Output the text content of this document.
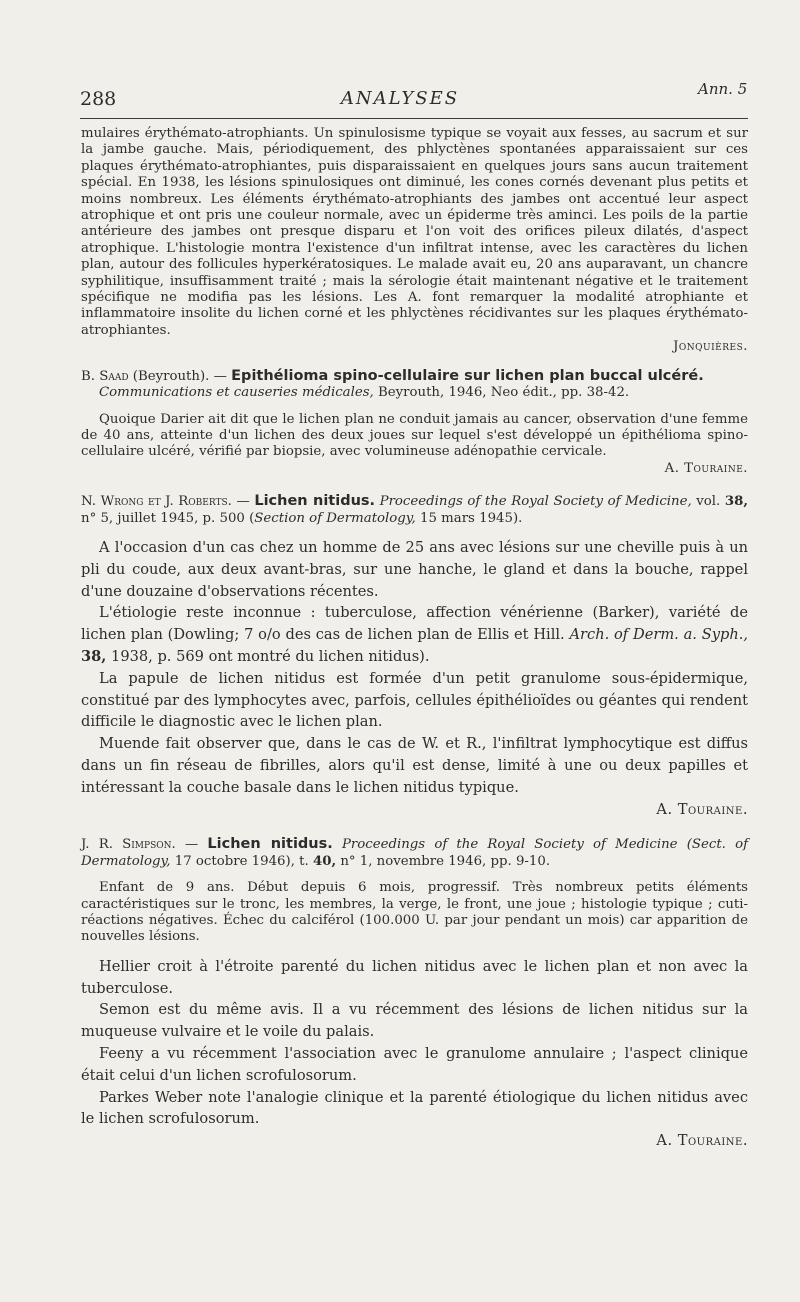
Ann. 5
288	ANALYSES

mulaires érythémato-atrophiants. Un spinulosisme typique se voyait aux fesses, au sacrum et sur la jambe gauche. Mais, périodiquement, des phlyctènes spontanées apparaissaient sur ces plaques érythémato-atrophiantes, puis disparaissaient en quelques jours sans aucun traitement spécial. En 1938, les lésions spinulosiques ont diminué, les cones cornés devenant plus petits et moins nombreux. Les éléments érythémato-atrophiants des jambes ont accentué leur aspect atrophique et ont pris une couleur normale, avec un épiderme très aminci. Les poils de la partie antérieure des jambes ont presque disparu et l'on voit des orifices pileux dilatés, d'aspect atrophique. L'histologie montra l'existence d'un infiltrat intense, avec les caractères du lichen plan, autour des follicules hyperkératosiques. Le malade avait eu, 20 ans auparavant, un chancre syphilitique, insuffisamment traité ; mais la sérologie était maintenant négative et le traitement spécifique ne modifia pas les lésions. Les A. font remarquer la modalité atrophiante et inflammatoire insolite du lichen corné et les phlyctènes récidivantes sur les plaques érythémato-atrophiantes.

Jonquières.
B. Saad (Beyrouth). — Epithélioma spino-cellulaire sur lichen plan buccal ulcéré.
Communications et causeries médicales, Beyrouth, 1946, Neo édit., pp. 38-42.

Quoique Darier ait dit que le lichen plan ne conduit jamais au cancer, observation d'une femme de 40 ans, atteinte d'un lichen des deux joues sur lequel s'est développé un épithélioma spino-cellulaire ulcéré, vérifié par biopsie, avec volumineuse adénopathie cervicale.

A. Touraine.
N. Wrong et J. Roberts. — Lichen nitidus. Proceedings of the Royal Society of Medicine, vol. 38, n° 5, juillet 1945, p. 500 (Section of Dermatology, 15 mars 1945).

A l'occasion d'un cas chez un homme de 25 ans avec lésions sur une cheville puis à un pli du coude, aux deux avant-bras, sur une hanche, le gland et dans la bouche, rappel d'une douzaine d'observations récentes.

L'étiologie reste inconnue : tuberculose, affection vénérienne (Barker), variété de lichen plan (Dowling; 7 o/o des cas de lichen plan de Ellis et Hill. Arch. of Derm. a. Syph., 38, 1938, p. 569 ont montré du lichen nitidus).

La papule de lichen nitidus est formée d'un petit granulome sous-épidermique, constitué par des lymphocytes avec, parfois, cellules épithélioïdes ou géantes qui rendent difficile le diagnostic avec le lichen plan.

Muende fait observer que, dans le cas de W. et R., l'infiltrat lymphocytique est diffus dans un fin réseau de fibrilles, alors qu'il est dense, limité à une ou deux papilles et intéressant la couche basale dans le lichen nitidus typique.

A. Touraine.
J. R. Simpson. — Lichen nitidus. Proceedings of the Royal Society of Medicine (Sect. of Dermatology, 17 octobre 1946), t. 40, n° 1, novembre 1946, pp. 9-10.

Enfant de 9 ans. Début depuis 6 mois, progressif. Très nombreux petits éléments caractéristiques sur le tronc, les membres, la verge, le front, une joue ; histologie typique ; cuti-réactions négatives. Échec du calciférol (100.000 U. par jour pendant un mois) car apparition de nouvelles lésions.

Hellier croit à l'étroite parenté du lichen nitidus avec le lichen plan et non avec la tuberculose.

Semon est du même avis. Il a vu récemment des lésions de lichen nitidus sur la muqueuse vulvaire et le voile du palais.

Feeny a vu récemment l'association avec le granulome annulaire ; l'aspect clinique était celui d'un lichen scrofulosorum.

Parkes Weber note l'analogie clinique et la parenté étiologique du lichen nitidus avec le lichen scrofulosorum.

A. Touraine.
